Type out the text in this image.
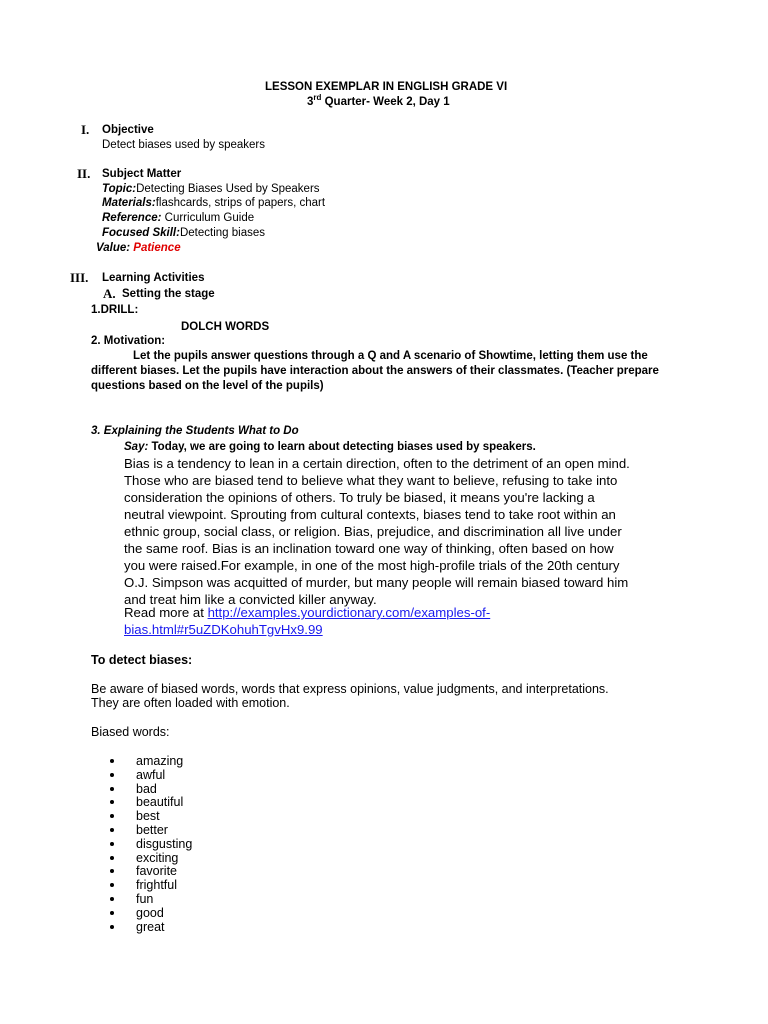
LESSON EXEMPLAR IN ENGLISH GRADE VI
3rd Quarter- Week 2, Day 1
I. Objective
Detect biases used by speakers
II. Subject Matter
Topic:Detecting Biases Used by Speakers
Materials:flashcards, strips of papers, chart
Reference: Curriculum Guide
Focused Skill:Detecting biases
Value: Patience
III. Learning Activities
A. Setting the stage
1.DRILL:
DOLCH WORDS
2. Motivation:
Let the pupils answer questions through a Q and A scenario of Showtime, letting them use the
different biases. Let the pupils have interaction about the answers of their classmates. (Teacher prepare
questions based on the level of the pupils)
3. Explaining the Students What to Do
Say: Today, we are going to learn about detecting biases used by speakers.
Bias is a tendency to lean in a certain direction, often to the detriment of an open mind.
Those who are biased tend to believe what they want to believe, refusing to take into
consideration the opinions of others. To truly be biased, it means you're lacking a
neutral viewpoint. Sprouting from cultural contexts, biases tend to take root within an
ethnic group, social class, or religion. Bias, prejudice, and discrimination all live under
the same roof. Bias is an inclination toward one way of thinking, often based on how
you were raised.For example, in one of the most high-profile trials of the 20th century
O.J. Simpson was acquitted of murder, but many people will remain biased toward him
and treat him like a convicted killer anyway.
Read more at http://examples.yourdictionary.com/examples-of-
bias.html#r5uZDKohuhTgvHx9.99
To detect biases:
Be aware of biased words, words that express opinions, value judgments, and interpretations.
They are often loaded with emotion.
Biased words:
amazing
awful
bad
beautiful
best
better
disgusting
exciting
favorite
frightful
fun
good
great
